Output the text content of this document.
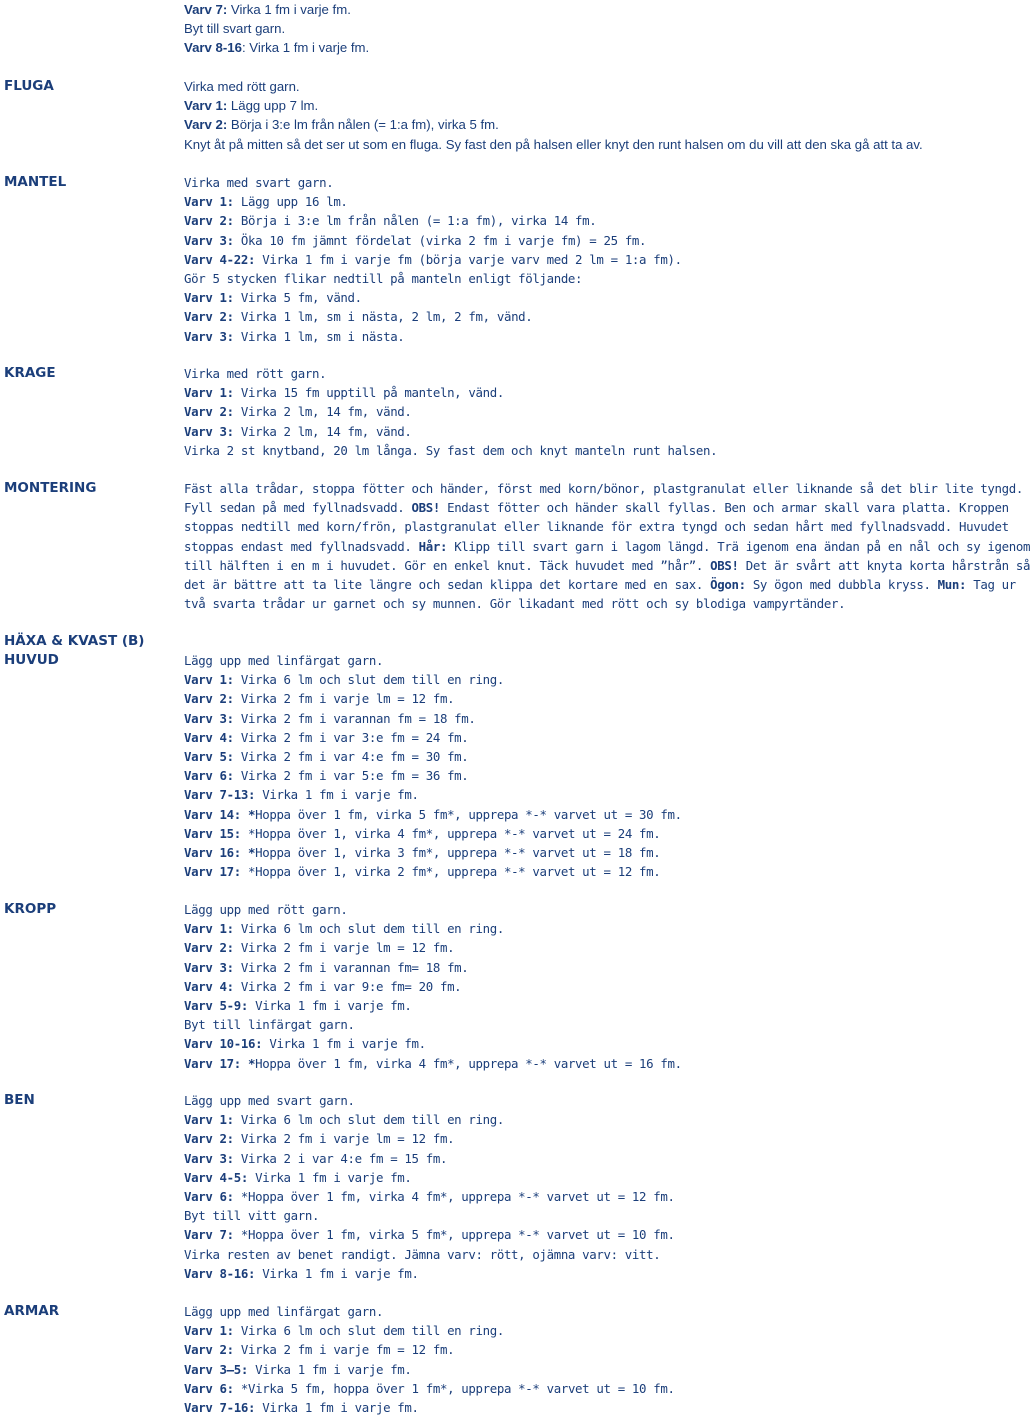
Varv 7: Virka 1 fm i varje fm.
Byt till svart garn.
Varv 8-16: Virka 1 fm i varje fm.
FLUGA	Virka med rött garn.
Varv 1: Lägg upp 7 lm.
Varv 2: Börja i 3:e lm från nålen (= 1:a fm), virka 5 fm.
Knyt åt på mitten så det ser ut som en fluga. Sy fast den på halsen eller knyt den runt halsen om du vill att den ska gå att ta av.
MANTEL	Virka med svart garn.
Varv 1: Lägg upp 16 lm.
Varv 2: Börja i 3:e lm från nålen (= 1:a fm), virka 14 fm.
Varv 3: Öka 10 fm jämnt fördelat (virka 2 fm i varje fm) = 25 fm.
Varv 4-22: Virka 1 fm i varje fm (börja varje varv med 2 lm = 1:a fm).
Gör 5 stycken flikar nedtill på manteln enligt följande:
Varv 1: Virka 5 fm, vänd.
Varv 2: Virka 1 lm, sm i nästa, 2 lm, 2 fm, vänd.
Varv 3: Virka 1 lm, sm i nästa.
KRAGE	Virka med rött garn.
Varv 1: Virka 15 fm upptill på manteln, vänd.
Varv 2: Virka 2 lm, 14 fm, vänd.
Varv 3: Virka 2 lm, 14 fm, vänd.
Virka 2 st knytband, 20 lm långa. Sy fast dem och knyt manteln runt halsen.
MONTERING	Fäst alla trådar, stoppa fötter och händer, först med korn/bönor, plastgranulat eller liknande så det blir lite tyngd.
Fyll sedan på med fyllnadsvadd. OBS! Endast fötter och händer skall fyllas. Ben och armar skall vara platta. Kroppen
stoppas nedtill med korn/frön, plastgranulat eller liknande för extra tyngd och sedan hårt med fyllnadsvadd. Huvudet
stoppas endast med fyllnadsvadd. Hår: Klipp till svart garn i lagom längd. Trä igenom ena ändan på en nål och sy igenom
till hälften i en m i huvudet. Gör en enkel knut. Täck huvudet med ”hår”. OBS! Det är svårt att knyta korta hårstrån så
det är bättre att ta lite längre och sedan klippa det kortare med en sax. Ögon: Sy ögon med dubbla kryss. Mun: Tag ur
två svarta trådar ur garnet och sy munnen. Gör likadant med rött och sy blodiga vampyrtänder.
HÄXA & KVAST (B)
HUVUD	Lägg upp med linfärgat garn.
Varv 1: Virka 6 lm och slut dem till en ring.
Varv 2: Virka 2 fm i varje lm = 12 fm.
Varv 3: Virka 2 fm i varannan fm = 18 fm.
Varv 4: Virka 2 fm i var 3:e fm = 24 fm.
Varv 5: Virka 2 fm i var 4:e fm = 30 fm.
Varv 6: Virka 2 fm i var 5:e fm = 36 fm.
Varv 7-13: Virka 1 fm i varje fm.
Varv 14: *Hoppa över 1 fm, virka 5 fm*, upprepa *-* varvet ut = 30 fm.
Varv 15: *Hoppa över 1, virka 4 fm*, upprepa *-* varvet ut = 24 fm.
Varv 16: *Hoppa över 1, virka 3 fm*, upprepa *-* varvet ut = 18 fm.
Varv 17: *Hoppa över 1, virka 2 fm*, upprepa *-* varvet ut = 12 fm.
KROPP	Lägg upp med rött garn.
Varv 1: Virka 6 lm och slut dem till en ring.
Varv 2: Virka 2 fm i varje lm = 12 fm.
Varv 3: Virka 2 fm i varannan fm= 18 fm.
Varv 4: Virka 2 fm i var 9:e fm= 20 fm.
Varv 5-9: Virka 1 fm i varje fm.
Byt till linfärgat garn.
Varv 10-16: Virka 1 fm i varje fm.
Varv 17: *Hoppa över 1 fm, virka 4 fm*, upprepa *-* varvet ut = 16 fm.
BEN	Lägg upp med svart garn.
Varv 1: Virka 6 lm och slut dem till en ring.
Varv 2: Virka 2 fm i varje lm = 12 fm.
Varv 3: Virka 2 i var 4:e fm = 15 fm.
Varv 4-5: Virka 1 fm i varje fm.
Varv 6: *Hoppa över 1 fm, virka 4 fm*, upprepa *-* varvet ut = 12 fm.
Byt till vitt garn.
Varv 7: *Hoppa över 1 fm, virka 5 fm*, upprepa *-* varvet ut = 10 fm.
Virka resten av benet randigt. Jämna varv: rött, ojämna varv: vitt.
Varv 8-16: Virka 1 fm i varje fm.
ARMAR	Lägg upp med linfärgat garn.
Varv 1: Virka 6 lm och slut dem till en ring.
Varv 2: Virka 2 fm i varje fm = 12 fm.
Varv 3–5: Virka 1 fm i varje fm.
Varv 6: *Virka 5 fm, hoppa över 1 fm*, upprepa *-* varvet ut = 10 fm.
Varv 7-16: Virka 1 fm i varje fm.
